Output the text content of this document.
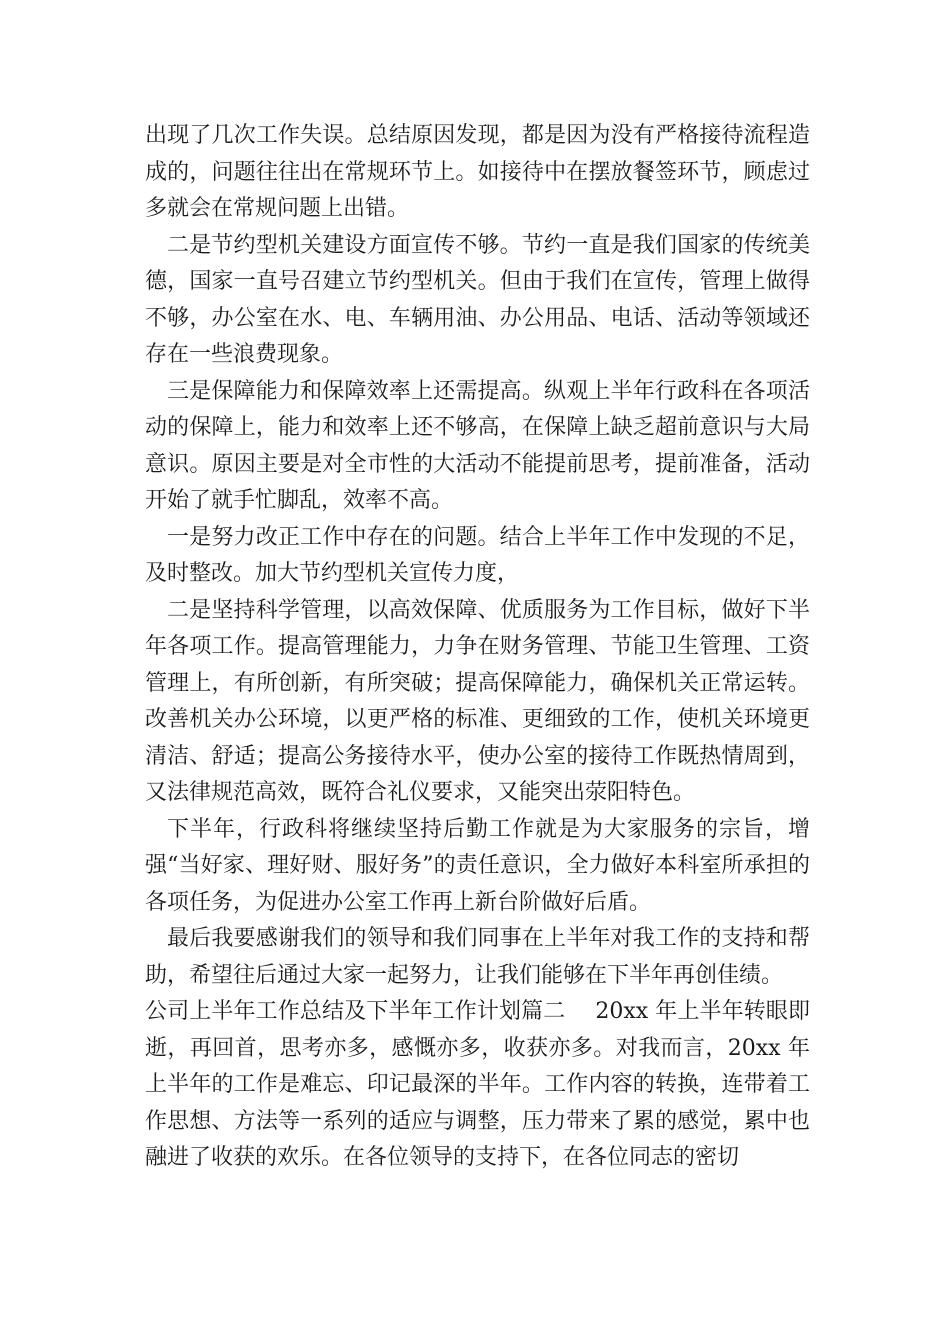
出现了几次工作失误。总结原因发现，都是因为没有严格接待流程造成的，问题往往出在常规环节上。如接待中在摆放餐签环节，顾虑过多就会在常规问题上出错。

二是节约型机关建设方面宣传不够。节约一直是我们国家的传统美德，国家一直号召建立节约型机关。但由于我们在宣传，管理上做得不够，办公室在水、电、车辆用油、办公用品、电话、活动等领域还存在一些浪费现象。

三是保障能力和保障效率上还需提高。纵观上半年行政科在各项活动的保障上，能力和效率上还不够高，在保障上缺乏超前意识与大局意识。原因主要是对全市性的大活动不能提前思考，提前准备，活动开始了就手忙脚乱，效率不高。

一是努力改正工作中存在的问题。结合上半年工作中发现的不足，及时整改。加大节约型机关宣传力度，

二是坚持科学管理，以高效保障、优质服务为工作目标，做好下半年各项工作。提高管理能力，力争在财务管理、节能卫生管理、工资管理上，有所创新，有所突破；提高保障能力，确保机关正常运转。改善机关办公环境，以更严格的标准、更细致的工作，使机关环境更清洁、舒适；提高公务接待水平，使办公室的接待工作既热情周到，又法律规范高效，既符合礼仪要求，又能突出荥阳特色。

下半年，行政科将继续坚持后勤工作就是为大家服务的宗旨，增强“当好家、理好财、服好务”的责任意识，全力做好本科室所承担的各项任务，为促进办公室工作再上新台阶做好后盾。

最后我要感谢我们的领导和我们同事在上半年对我工作的支持和帮助，希望往后通过大家一起努力，让我们能够在下半年再创佳绩。

公司上半年工作总结及下半年工作计划篇二 20xx 年上半年转眼即逝，再回首，思考亦多，感慨亦多，收获亦多。对我而言，20xx 年上半年的工作是难忘、印记最深的半年。工作内容的转换，连带着工作思想、方法等一系列的适应与调整，压力带来了累的感觉，累中也融进了收获的欢乐。在各位领导的支持下，在各位同志的密切
